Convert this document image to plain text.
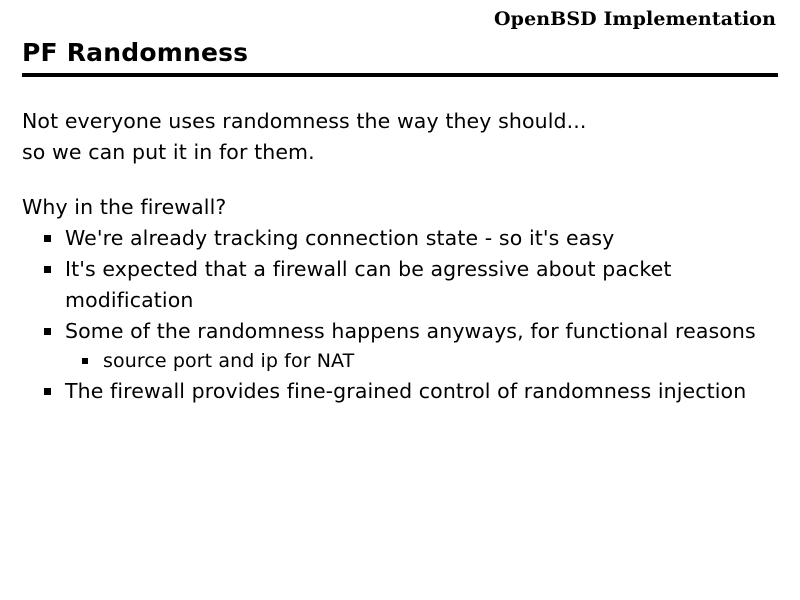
OpenBSD Implementation
PF Randomness
Not everyone uses randomness the way they should...
so we can put it in for them.
Why in the firewall?
We're already tracking connection state - so it's easy
It's expected that a firewall can be agressive about packet modification
Some of the randomness happens anyways, for functional reasons
source port and ip for NAT
The firewall provides fine-grained control of randomness injection
